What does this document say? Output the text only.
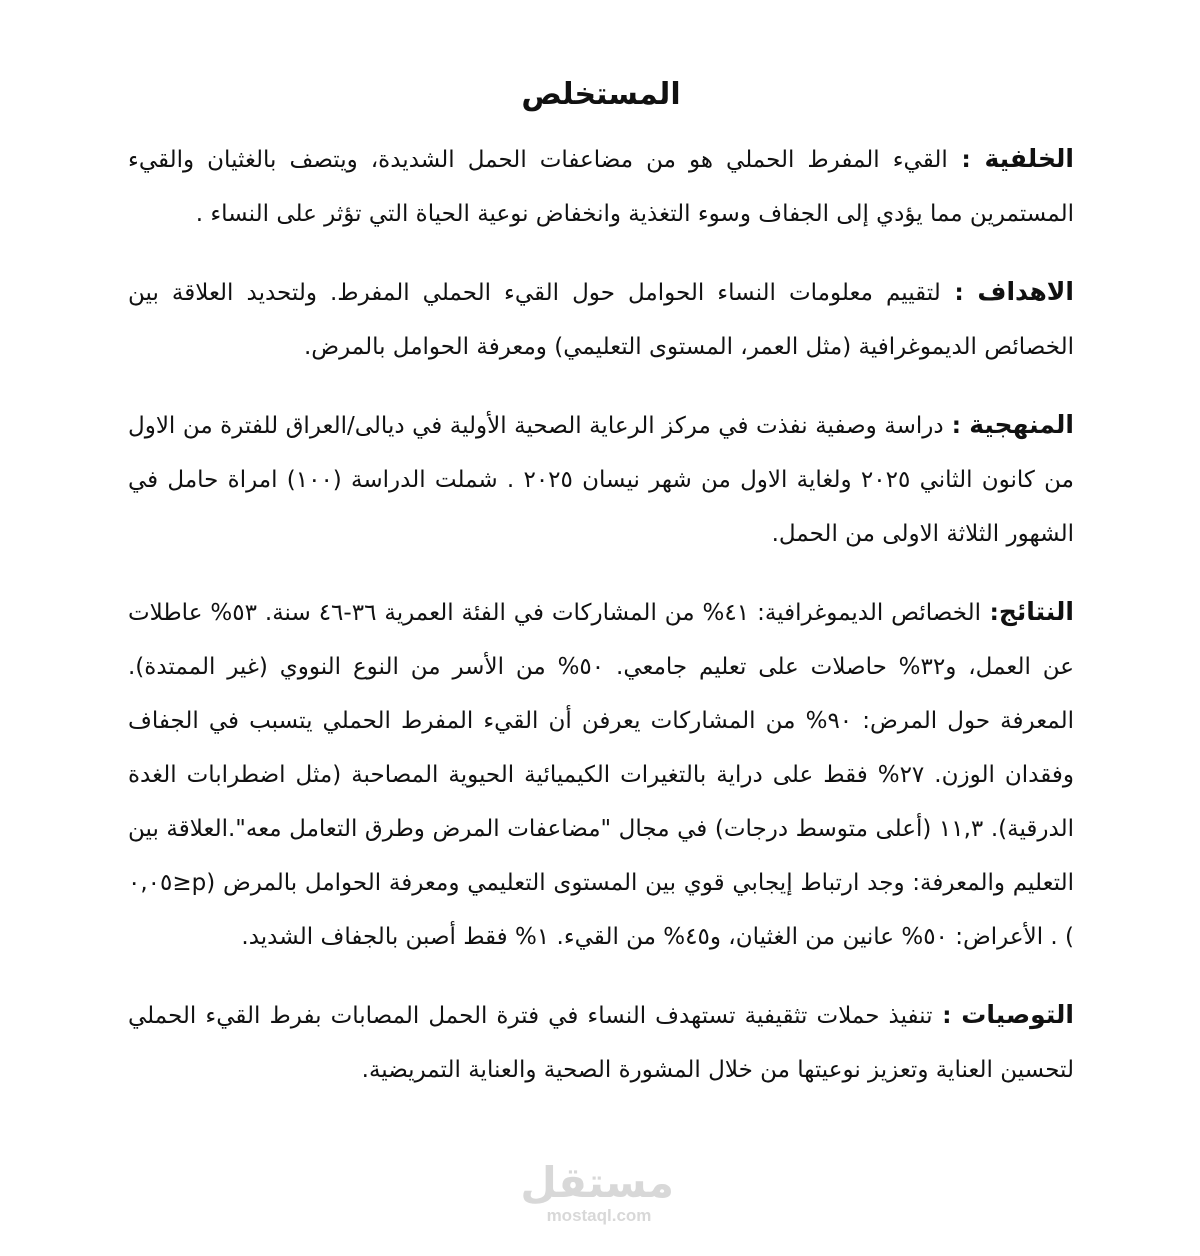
المستخلص

الخلفية : القيء المفرط الحملي هو من مضاعفات الحمل الشديدة، ويتصف بالغثيان والقيء المستمرين مما يؤدي إلى الجفاف وسوء التغذية وانخفاض نوعية الحياة التي تؤثر على النساء .

الاهداف : لتقييم معلومات النساء الحوامل حول القيء الحملي المفرط. ولتحديد العلاقة بين الخصائص الديموغرافية (مثل العمر، المستوى التعليمي) ومعرفة الحوامل بالمرض.

المنهجية : دراسة وصفية نفذت في مركز الرعاية الصحية الأولية في ديالى/العراق للفترة من الاول من كانون الثاني ٢٠٢٥ ولغاية الاول من شهر نيسان ٢٠٢٥ . شملت الدراسة (١٠٠) امراة حامل في الشهور الثلاثة الاولى من الحمل.

النتائج: الخصائص الديموغرافية: ٤١% من المشاركات في الفئة العمرية ٣٦-٤٦ سنة. ٥٣% عاطلات عن العمل، و٣٢% حاصلات على تعليم جامعي. ٥٠% من الأسر من النوع النووي (غير الممتدة). المعرفة حول المرض: ٩٠% من المشاركات يعرفن أن القيء المفرط الحملي يتسبب في الجفاف وفقدان الوزن. ٢٧% فقط على دراية بالتغيرات الكيميائية الحيوية المصاحبة (مثل اضطرابات الغدة الدرقية). ١١,٣ (أعلى متوسط درجات) في مجال "مضاعفات المرض وطرق التعامل معه".العلاقة بين التعليم والمعرفة: وجد ارتباط إيجابي قوي بين المستوى التعليمي ومعرفة الحوامل بالمرض (p≤٠,٠٥ ) . الأعراض: ٥٠% عانين من الغثيان، و٤٥% من القيء. ١% فقط أصبن بالجفاف الشديد.

التوصيات : تنفيذ حملات تثقيفية تستهدف النساء في فترة الحمل المصابات بفرط القيء الحملي لتحسين العناية وتعزيز نوعيتها من خلال المشورة الصحية والعناية التمريضية.

مستقل
mostaql.com
